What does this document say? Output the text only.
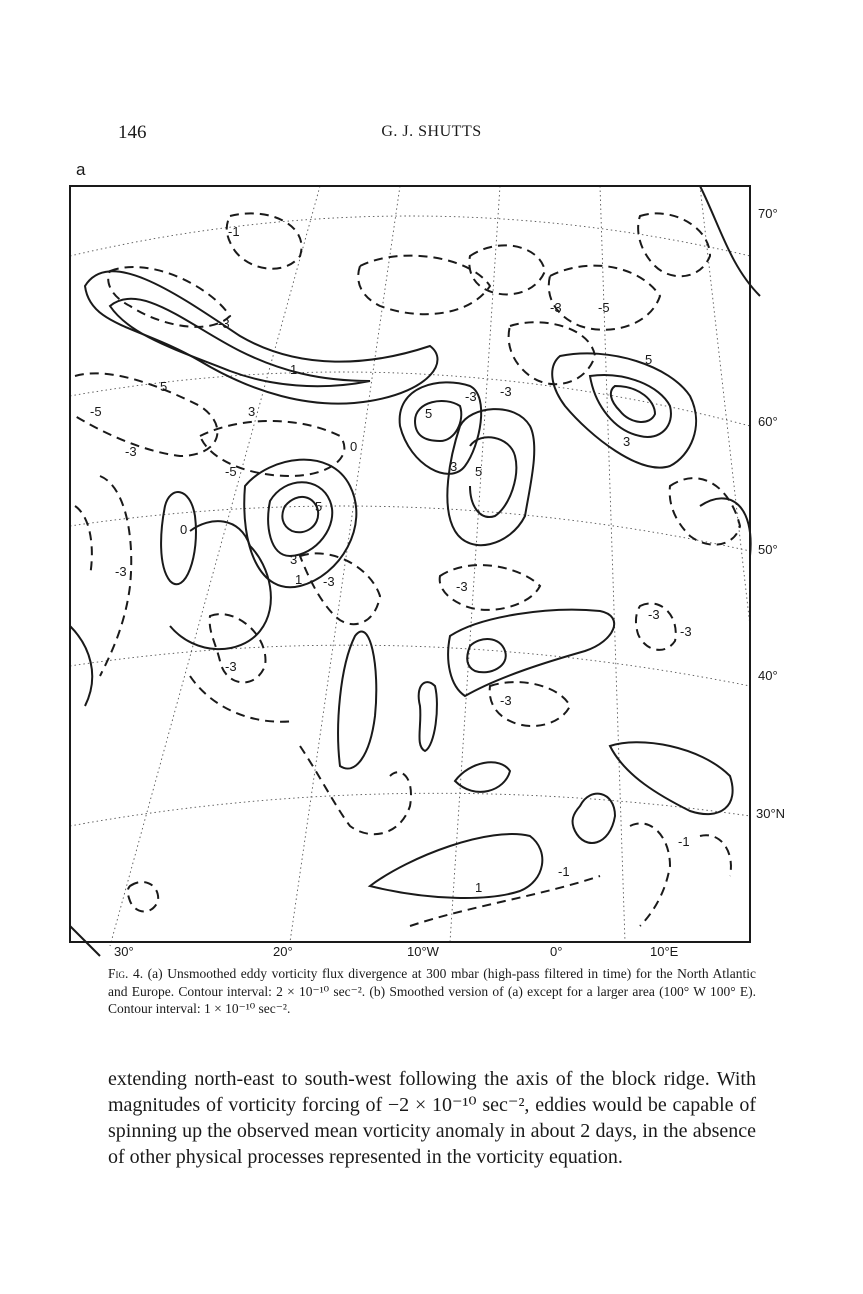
146	G. J. SHUTTS
a
-1
-3
-5
5
3
1
-3
-5
0
0
5
3
1
-3
-3
-3
-3 -3
5
3 5
-3
-3
5
3
-3
-3
1
-1
-1
-3	-5
70°
60°
50°
40°
30°N
30°	20°	10°W	0°	10°E
Fig. 4. (a) Unsmoothed eddy vorticity flux divergence at 300 mbar (high-pass filtered in time) for the North Atlantic and Europe. Contour interval: 2 × 10⁻¹⁰ sec⁻². (b) Smoothed version of (a) except for a larger area (100° W 100° E). Contour interval: 1 × 10⁻¹⁰ sec⁻².
extending north-east to south-west following the axis of the block ridge. With magnitudes of vorticity forcing of −2 × 10⁻¹⁰ sec⁻², eddies would be capable of spinning up the observed mean vorticity anomaly in about 2 days, in the absence of other physical processes represented in the vorticity equation.
